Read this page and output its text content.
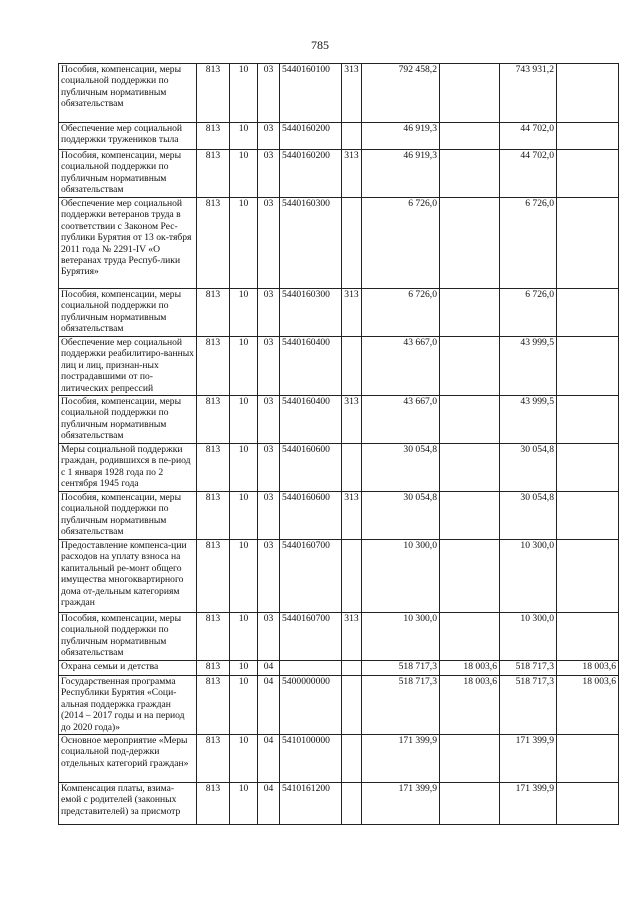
785
Пособия, компенсации, меры социальной поддержки по публичным нормативным обязательствам	813	10	03	5440160100	313	792 458,2		743 931,2	
Обеспечение мер социальной поддержки тружеников тыла	813	10	03	5440160200		46 919,3		44 702,0	
Пособия, компенсации, меры социальной поддержки по публичным нормативным обязательствам	813	10	03	5440160200	313	46 919,3		44 702,0	
Обеспечение мер социальной поддержки ветеранов труда в соответствии с Законом Рес-публики Бурятия от 13 ок-тября 2011 года № 2291-IV «О ветеранах труда Респуб-лики Бурятия»	813	10	03	5440160300		6 726,0		6 726,0	
Пособия, компенсации, меры социальной поддержки по публичным нормативным обязательствам	813	10	03	5440160300	313	6 726,0		6 726,0	
Обеспечение мер социальной поддержки реабилитиро-ванных лиц и лиц, признан-ных пострадавшими от по-литических репрессий	813	10	03	5440160400		43 667,0		43 999,5	
Пособия, компенсации, меры социальной поддержки по публичным нормативным обязательствам	813	10	03	5440160400	313	43 667,0		43 999,5	
Меры социальной поддержки граждан, родившихся в пе-риод с 1 января 1928 года по 2 сентября 1945 года	813	10	03	5440160600		30 054,8		30 054,8	
Пособия, компенсации, меры социальной поддержки по публичным нормативным обязательствам	813	10	03	5440160600	313	30 054,8		30 054,8	
Предоставление компенса-ции расходов на уплату взноса на капитальный ре-монт общего имущества многоквартирного дома от-дельным категориям граждан	813	10	03	5440160700		10 300,0		10 300,0	
Пособия, компенсации, меры социальной поддержки по публичным нормативным обязательствам	813	10	03	5440160700	313	10 300,0		10 300,0	
Охрана семьи и детства	813	10	04			518 717,3	18 003,6	518 717,3	18 003,6
Государственная программа Республики Бурятия «Соци-альная поддержка граждан (2014 – 2017 годы и на период до 2020 года)»	813	10	04	5400000000		518 717,3	18 003,6	518 717,3	18 003,6
Основное мероприятие «Меры социальной под-держки отдельных категорий граждан»	813	10	04	5410100000		171 399,9		171 399,9	
Компенсация платы, взима-емой с родителей (законных представителей) за присмотр	813	10	04	5410161200		171 399,9		171 399,9	
